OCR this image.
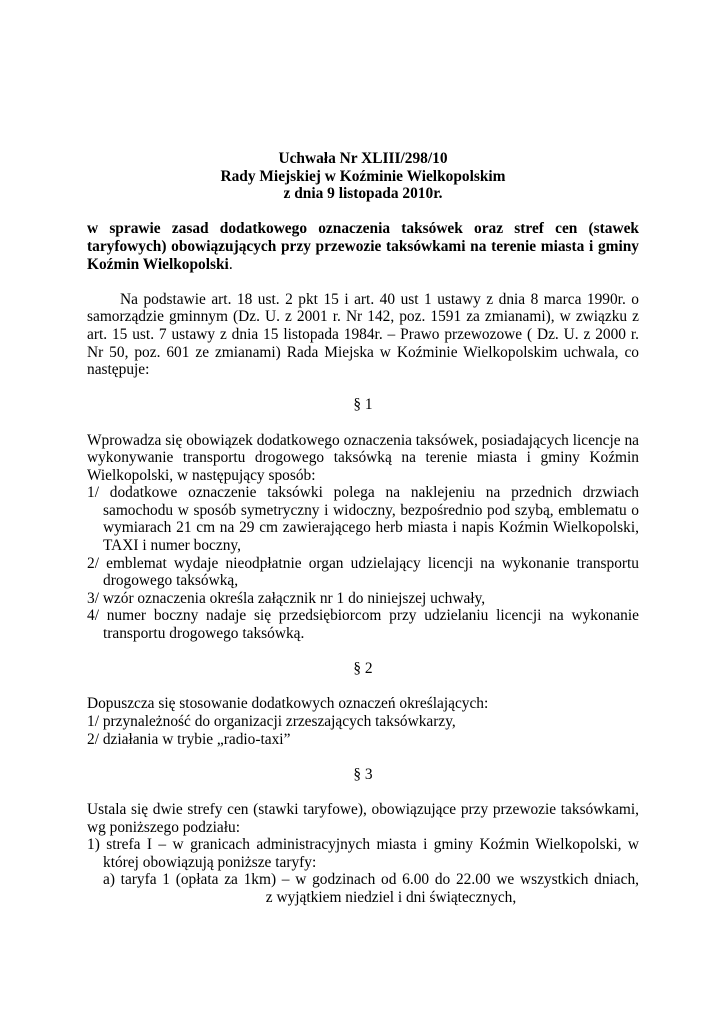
Uchwała Nr XLIII/298/10
Rady Miejskiej w Koźminie Wielkopolskim
z dnia 9 listopada 2010r.
w sprawie zasad dodatkowego oznaczenia taksówek oraz stref cen (stawek taryfowych) obowiązujących przy przewozie taksówkami na terenie miasta i gminy Koźmin Wielkopolski.

Na podstawie art. 18 ust. 2 pkt 15 i art. 40 ust 1 ustawy z dnia 8 marca 1990r. o samorządzie gminnym (Dz. U. z 2001 r. Nr 142, poz. 1591 za zmianami), w związku z art. 15 ust. 7 ustawy z dnia 15 listopada 1984r. – Prawo przewozowe ( Dz. U. z 2000 r. Nr 50, poz. 601 ze zmianami) Rada Miejska w Koźminie Wielkopolskim uchwala, co następuje:

§ 1

Wprowadza się obowiązek dodatkowego oznaczenia taksówek, posiadających licencje na wykonywanie transportu drogowego taksówką na terenie miasta i gminy Koźmin Wielkopolski, w następujący sposób:

1/ dodatkowe oznaczenie taksówki polega na naklejeniu na przednich drzwiach samochodu w sposób symetryczny i widoczny, bezpośrednio pod szybą, emblematu o wymiarach 21 cm na 29 cm zawierającego herb miasta i napis Koźmin Wielkopolski, TAXI i numer boczny,
2/ emblemat wydaje nieodpłatnie organ udzielający licencji na wykonanie transportu drogowego taksówką,
3/ wzór oznaczenia określa załącznik nr 1 do niniejszej uchwały,
4/ numer boczny nadaje się przedsiębiorcom przy udzielaniu licencji na wykonanie transportu drogowego taksówką.
§ 2

Dopuszcza się stosowanie dodatkowych oznaczeń określających:

1/ przynależność do organizacji zrzeszających taksówkarzy,
2/ działania w trybie „radio-taxi”
§ 3

Ustala się dwie strefy cen (stawki taryfowe), obowiązujące przy przewozie taksówkami, wg poniższego podziału:

1) strefa I – w granicach administracyjnych miasta i gminy Koźmin Wielkopolski, w której obowiązują poniższe taryfy:
a) taryfa 1 (opłata za 1km) – w godzinach od 6.00 do 22.00 we wszystkich dniach,
z wyjątkiem niedziel i dni świątecznych,
